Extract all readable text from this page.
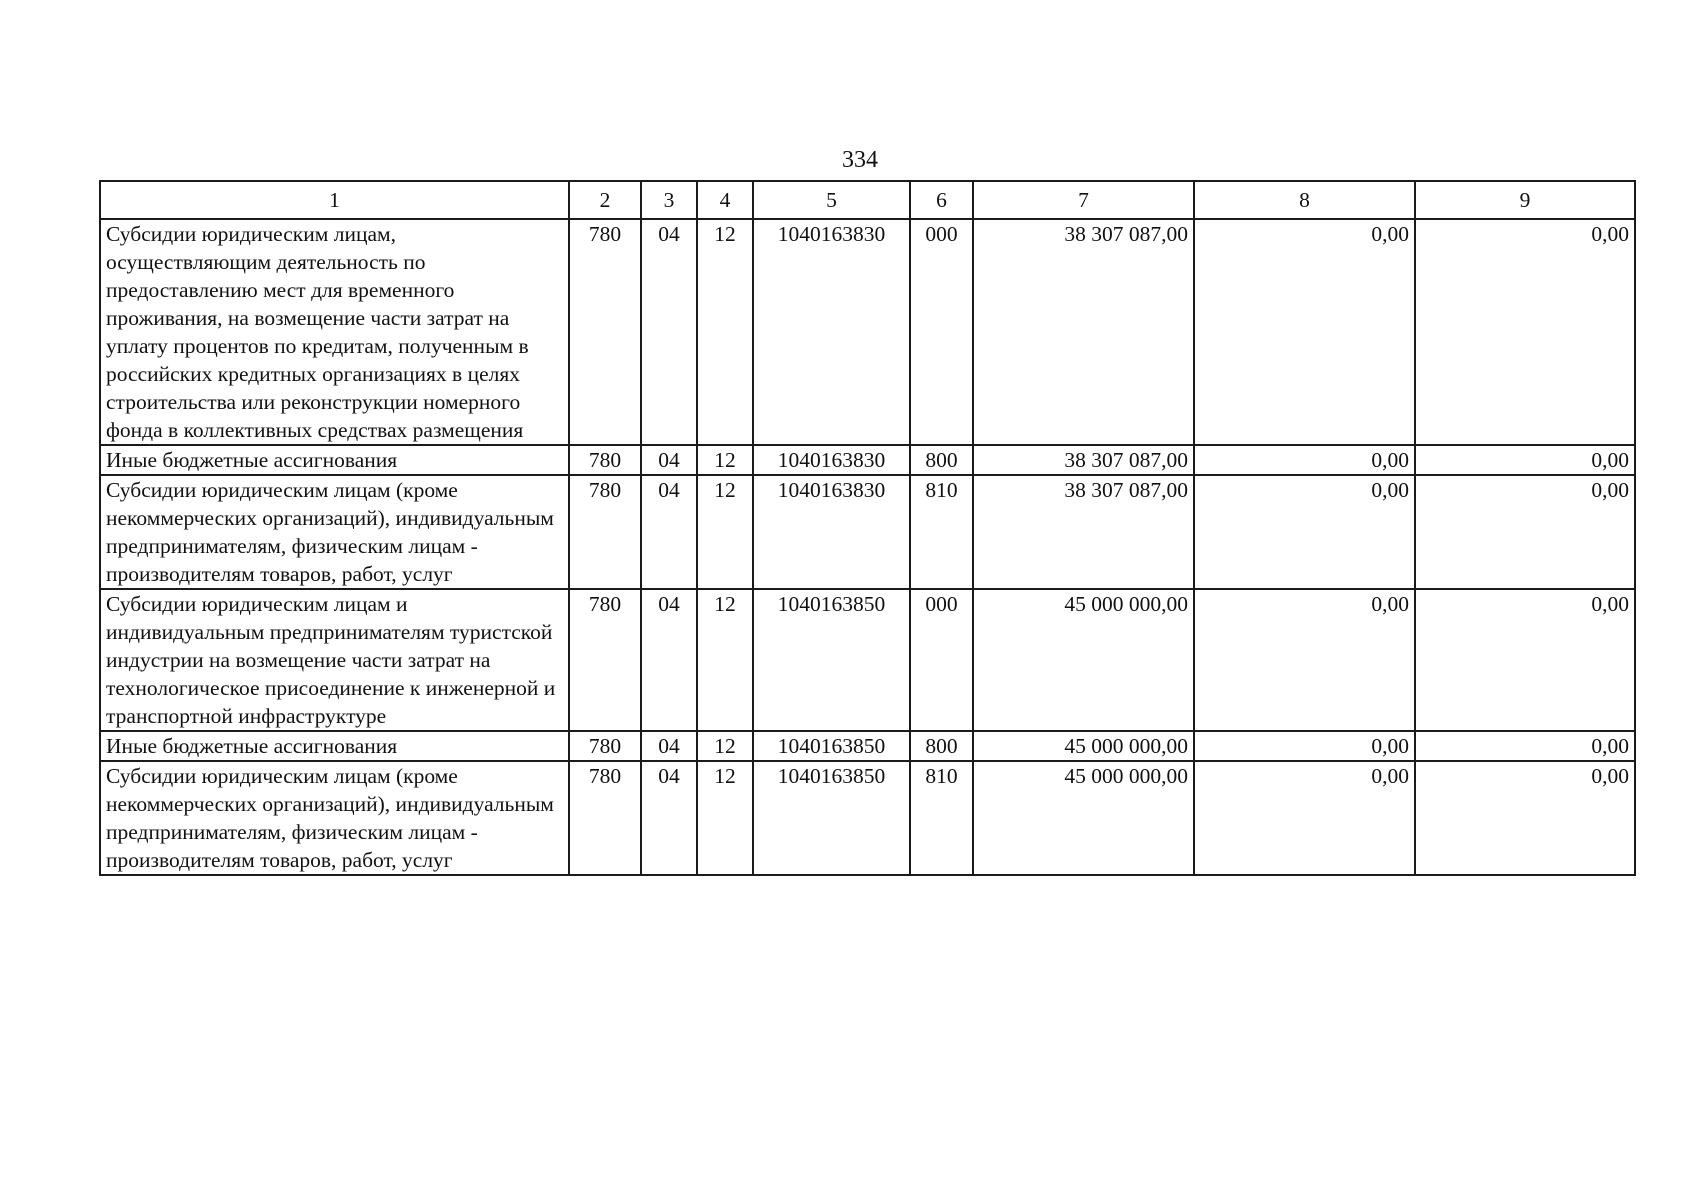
334
1	2	3	4	5	6	7	8	9
Субсидии юридическим лицам, осуществляющим деятельность по предоставлению мест для временного проживания, на возмещение части затрат на уплату процентов по кредитам, полученным в российских кредитных организациях в целях строительства или реконструкции номерного фонда в коллективных средствах размещения	780	04	12	1040163830	000	38 307 087,00	0,00	0,00
Иные бюджетные ассигнования	780	04	12	1040163830	800	38 307 087,00	0,00	0,00
Субсидии юридическим лицам (кроме некоммерческих организаций), индивидуальным предпринимателям, физическим лицам - производителям товаров, работ, услуг	780	04	12	1040163830	810	38 307 087,00	0,00	0,00
Субсидии юридическим лицам и индивидуальным предпринимателям туристской индустрии на возмещение части затрат на технологическое присоединение к инженерной и транспортной инфраструктуре	780	04	12	1040163850	000	45 000 000,00	0,00	0,00
Иные бюджетные ассигнования	780	04	12	1040163850	800	45 000 000,00	0,00	0,00
Субсидии юридическим лицам (кроме некоммерческих организаций), индивидуальным предпринимателям, физическим лицам - производителям товаров, работ, услуг	780	04	12	1040163850	810	45 000 000,00	0,00	0,00
